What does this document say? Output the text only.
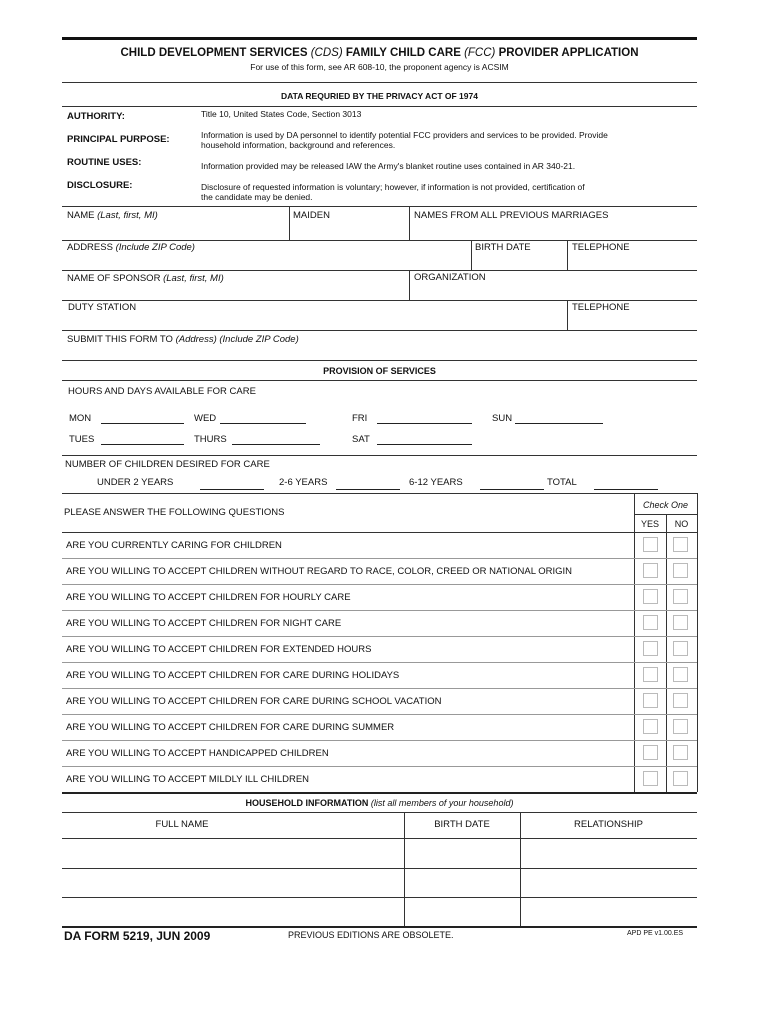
CHILD DEVELOPMENT SERVICES (CDS) FAMILY CHILD CARE (FCC) PROVIDER APPLICATION
For use of this form, see AR 608-10, the proponent agency is ACSIM
DATA REQURIED BY THE PRIVACY ACT OF 1974
AUTHORITY:	Title 10, United States Code, Section 3013
PRINCIPAL PURPOSE:	Information is used by DA personnel to identify potential FCC providers and services to be provided. Provide
household information, background and references.
ROUTINE USES:	Information provided may be released IAW the Army's blanket routine uses contained in AR 340-21.
DISCLOSURE:	Disclosure of requested information is voluntary; however, if information is not provided, certification of
the candidate may be denied.
NAME (Last, first, MI)	MAIDEN	NAMES FROM ALL PREVIOUS MARRIAGES
ADDRESS (Include ZIP Code)	BIRTH DATE	TELEPHONE
NAME OF SPONSOR (Last, first, MI)	ORGANIZATION
DUTY STATION	TELEPHONE
SUBMIT THIS FORM TO (Address) (Include ZIP Code)
PROVISION OF SERVICES
HOURS AND DAYS AVAILABLE FOR CARE
MON	WED	FRI	SUN
TUES	THURS	SAT
NUMBER OF CHILDREN DESIRED FOR CARE
UNDER 2 YEARS	2-6 YEARS	6-12 YEARS	TOTAL
PLEASE ANSWER THE FOLLOWING QUESTIONS
Check One
YES	NO
ARE YOU CURRENTLY CARING FOR CHILDREN
ARE YOU WILLING TO ACCEPT CHILDREN WITHOUT REGARD TO RACE, COLOR, CREED OR NATIONAL ORIGIN
ARE YOU WILLING TO ACCEPT CHILDREN FOR HOURLY CARE
ARE YOU WILLING TO ACCEPT CHILDREN FOR NIGHT CARE
ARE YOU WILLING TO ACCEPT CHILDREN FOR EXTENDED HOURS
ARE YOU WILLING TO ACCEPT CHILDREN FOR CARE DURING HOLIDAYS
ARE YOU WILLING TO ACCEPT CHILDREN FOR CARE DURING SCHOOL VACATION
ARE YOU WILLING TO ACCEPT CHILDREN FOR CARE DURING SUMMER
ARE YOU WILLING TO ACCEPT HANDICAPPED CHILDREN
ARE YOU WILLING TO ACCEPT MILDLY ILL CHILDREN
HOUSEHOLD INFORMATION (list all members of your household)
FULL NAME	BIRTH DATE	RELATIONSHIP
DA FORM 5219, JUN 2009	PREVIOUS EDITIONS ARE OBSOLETE.	APD PE v1.00.ES
